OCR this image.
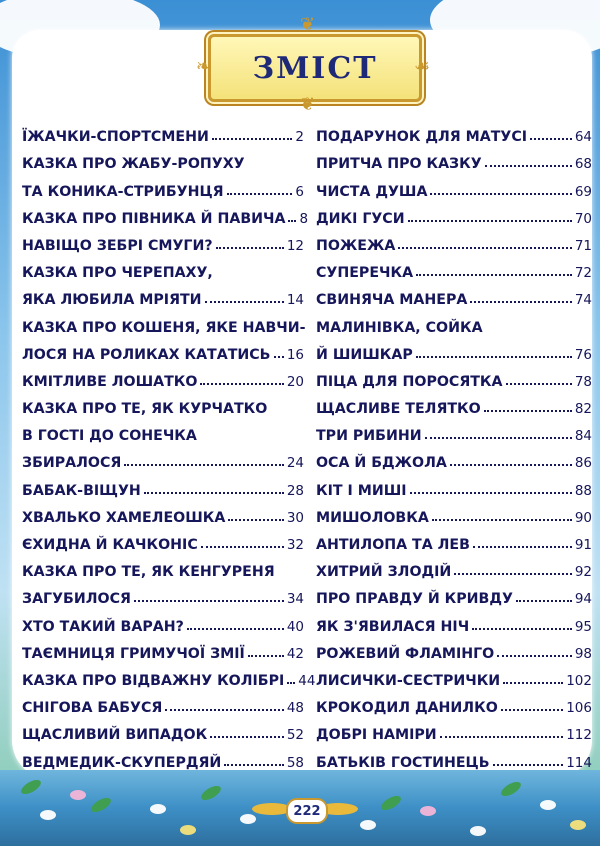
ЗМІСТ
❦
❦
❧	☙
ЇЖАЧКИ-СПОРТСМЕНИ	2
КАЗКА ПРО ЖАБУ-РОПУХУ
ТА КОНИКА-СТРИБУНЦЯ	6
КАЗКА ПРО ПІВНИКА Й ПАВИЧА 8
НАВІЩО ЗЕБРІ СМУГИ?	12
КАЗКА ПРО ЧЕРЕПАХУ,
ЯКА ЛЮБИЛА МРІЯТИ	14
КАЗКА ПРО КОШЕНЯ, ЯКЕ НАВЧИ-
ЛОСЯ НА РОЛИКАХ КАТАТИСЬ 16
КМІТЛИВЕ ЛОШАТКО	20
КАЗКА ПРО ТЕ, ЯК КУРЧАТКО
В ГОСТІ ДО СОНЕЧКА
ЗБИРАЛОСЯ	24
БАБАК-ВІЩУН	28
ХВАЛЬКО ХАМЕЛЕОШКА	30
ЄХИДНА Й КАЧКОНІС	32
КАЗКА ПРО ТЕ, ЯК КЕНГУРЕНЯ
ЗАГУБИЛОСЯ	34
ХТО ТАКИЙ ВАРАН?	40
ТАЄМНИЦЯ ГРИМУЧОЇ ЗМІЇ	42
КАЗКА ПРО ВІДВАЖНУ КОЛІБРІ 44
СНІГОВА БАБУСЯ	48
ЩАСЛИВИЙ ВИПАДОК	52
ВЕДМЕДИК-СКУПЕРДЯЙ	58
ПОДАРУНОК ДЛЯ МАТУСІ	64
ПРИТЧА ПРО КАЗКУ	68
ЧИСТА ДУША	69
ДИКІ ГУСИ	70
ПОЖЕЖА	71
СУПЕРЕЧКА	72
СВИНЯЧА МАНЕРА	74
МАЛИНІВКА, СОЙКА
Й ШИШКАР	76
ПІЦА ДЛЯ ПОРОСЯТКА	78
ЩАСЛИВЕ ТЕЛЯТКО	82
ТРИ РИБИНИ	84
ОСА Й БДЖОЛА	86
КІТ І МИШІ	88
МИШОЛОВКА	90
АНТИЛОПА ТА ЛЕВ	91
ХИТРИЙ ЗЛОДІЙ	92
ПРО ПРАВДУ Й КРИВДУ	94
ЯК З'ЯВИЛАСЯ НІЧ	95
РОЖЕВИЙ ФЛАМІНГО	98
ЛИСИЧКИ-СЕСТРИЧКИ	102
КРОКОДИЛ ДАНИЛКО	106
ДОБРІ НАМІРИ	112
БАТЬКІВ ГОСТИНЕЦЬ	114
222
